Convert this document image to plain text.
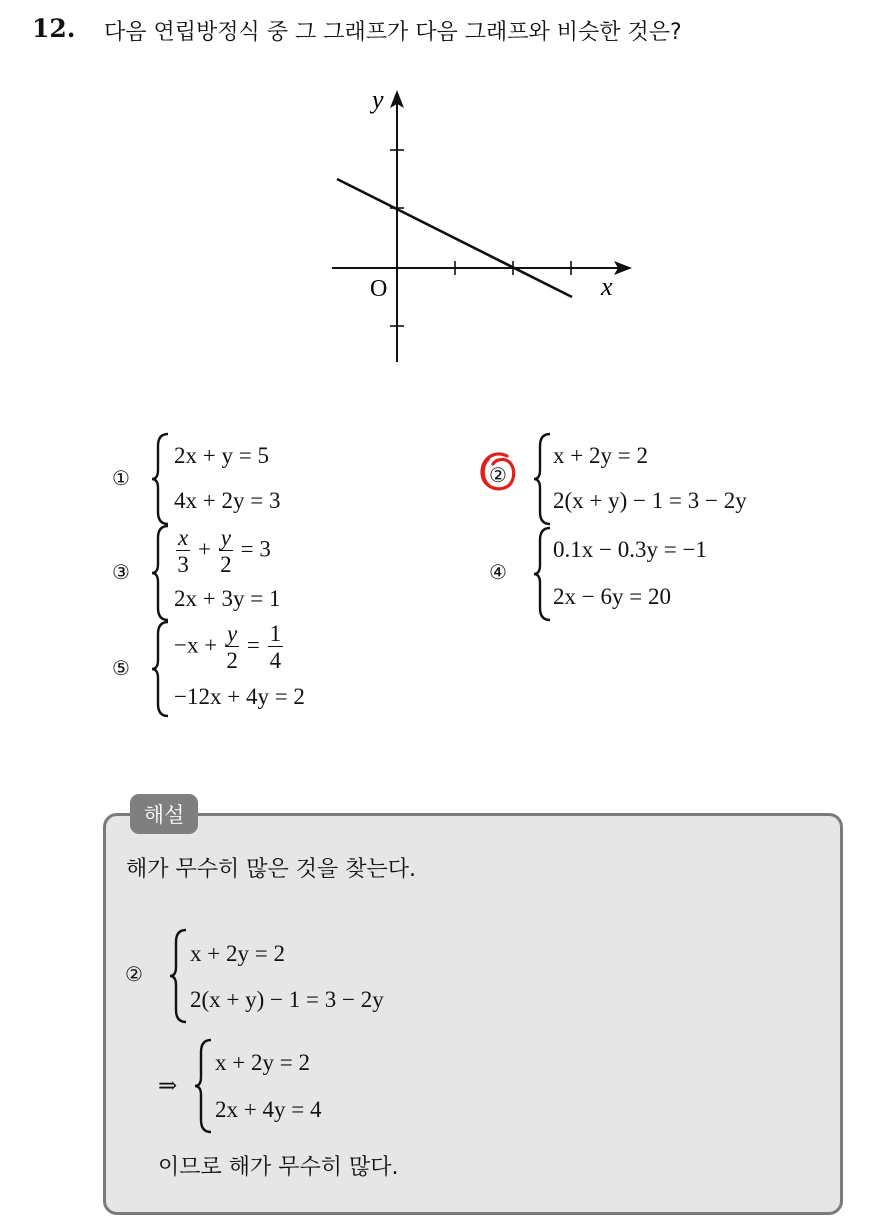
12. 다음 연립방정식 중 그 그래프가 다음 그래프와 비슷한 것은?
y
x
O
①
2x + y = 5
4x + 2y = 3
②
x + 2y = 2
2(x + y) − 1 = 3 − 2y
③ $\frac{x}{3} + \frac{y}{2} = 3$
2x + 3y = 1
④
0.1x − 0.3y = −1
2x − 6y = 20
⑤
$-x + \frac{y}{2} = \frac{1}{4}$
−12x + 4y = 2
해설
해가 무수히 많은 것을 찾는다.
②
x + 2y = 2
2(x + y) − 1 = 3 − 2y
⇒
x + 2y = 2
2x + 4y = 4
이므로 해가 무수히 많다.
